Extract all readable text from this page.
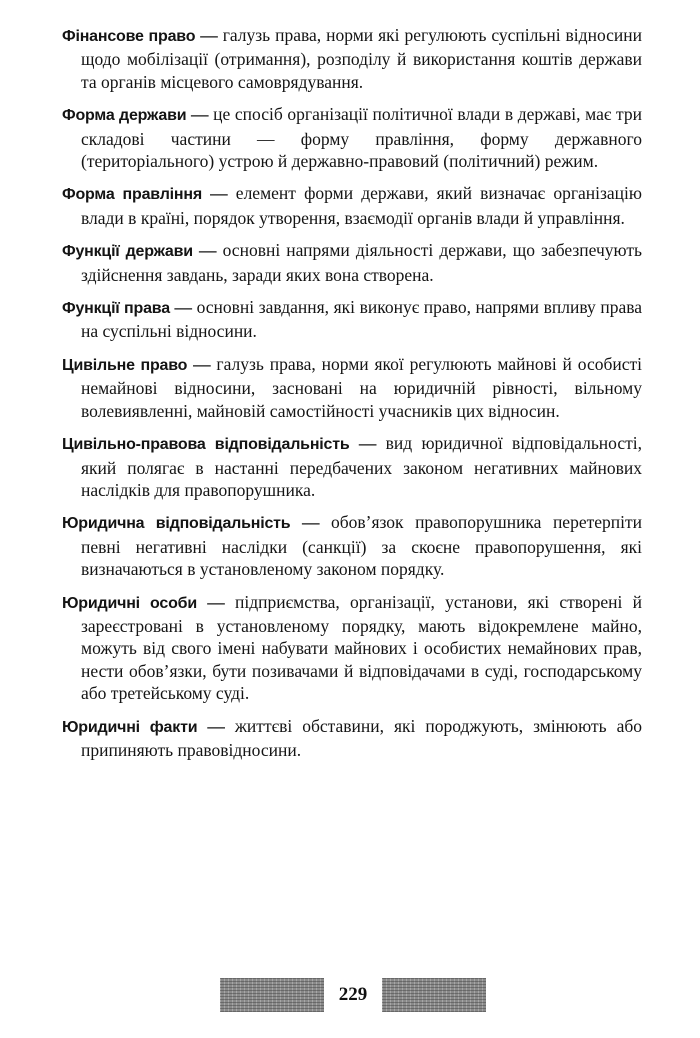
Фінансове право — галузь права, норми які регулюють суспільні відносини щодо мобілізації (отримання), розподілу й використання коштів держави та органів місцевого самоврядування.

Форма держави — це спосіб організації політичної влади в державі, має три складові частини — форму правління, форму державного (територіального) устрою й державно-правовий (політичний) режим.

Форма правління — елемент форми держави, який визначає організацію влади в країні, порядок утворення, взаємодії органів влади й управління.

Функції держави — основні напрями діяльності держави, що забезпечують здійснення завдань, заради яких вона створена.

Функції права — основні завдання, які виконує право, напрями впливу права на суспільні відносини.

Цивільне право — галузь права, норми якої регулюють майнові й особисті немайнові відносини, засновані на юридичній рівності, вільному волевиявленні, майновій самостійності учасників цих відносин.

Цивільно-правова відповідальність — вид юридичної відповідальності, який полягає в настанні передбачених законом негативних майнових наслідків для правопорушника.

Юридична відповідальність — обов’язок правопорушника перетерпіти певні негативні наслідки (санкції) за скоєне правопорушення, які визначаються в установленому законом порядку.

Юридичні особи — підприємства, організації, установи, які створені й зареєстровані в установленому порядку, мають відокремлене майно, можуть від свого імені набувати майнових і особистих немайнових прав, нести обов’язки, бути позивачами й відповідачами в суді, господарському або третейському суді.

Юридичні факти — життєві обставини, які породжують, змінюють або припиняють правовідносини.

229
